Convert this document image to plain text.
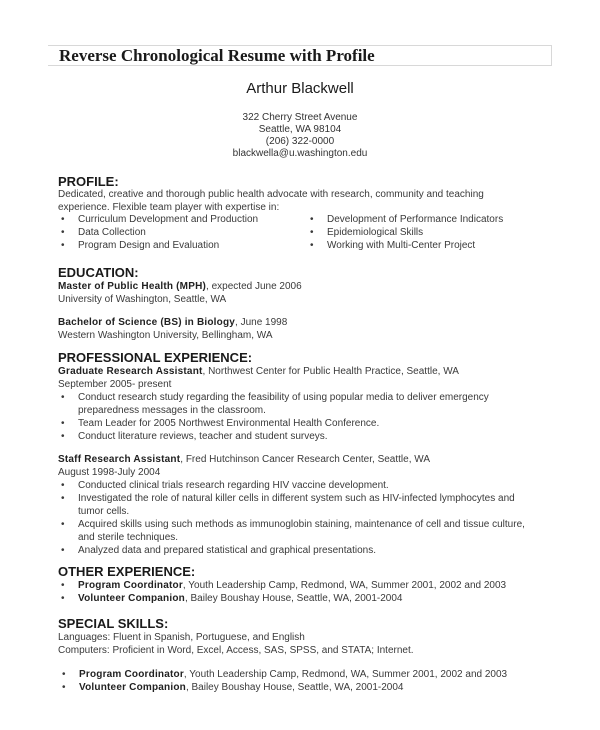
Reverse Chronological Resume with Profile
Arthur Blackwell
322 Cherry Street Avenue
Seattle, WA 98104
(206) 322-0000
blackwella@u.washington.edu
PROFILE:
Dedicated, creative and thorough public health advocate with research, community and teaching
experience. Flexible team player with expertise in:
•	Curriculum Development and Production
•	Data Collection
•	Program Design and Evaluation
•	Development of Performance Indicators
•	Epidemiological Skills
•	Working with Multi-Center Project
EDUCATION:
Master of Public Health (MPH), expected June 2006
University of Washington, Seattle, WA
Bachelor of Science (BS) in Biology, June 1998
Western Washington University, Bellingham, WA
PROFESSIONAL EXPERIENCE:
Graduate Research Assistant, Northwest Center for Public Health Practice, Seattle, WA
September 2005- present
•	Conduct research study regarding the feasibility of using popular media to deliver emergency
preparedness messages in the classroom.
•	Team Leader for 2005 Northwest Environmental Health Conference.
•	Conduct literature reviews, teacher and student surveys.
Staff Research Assistant, Fred Hutchinson Cancer Research Center, Seattle, WA
August 1998-July 2004
•	Conducted clinical trials research regarding HIV vaccine development.
•	Investigated the role of natural killer cells in different system such as HIV-infected lymphocytes and
tumor cells.
•	Acquired skills using such methods as immunoglobin staining, maintenance of cell and tissue culture,
and sterile techniques.
•	Analyzed data and prepared statistical and graphical presentations.
OTHER EXPERIENCE:
•	Program Coordinator, Youth Leadership Camp, Redmond, WA, Summer 2001, 2002 and 2003
•	Volunteer Companion, Bailey Boushay House, Seattle, WA, 2001-2004
SPECIAL SKILLS:
Languages: Fluent in Spanish, Portuguese, and English
Computers: Proficient in Word, Excel, Access, SAS, SPSS, and STATA; Internet.
•	Program Coordinator, Youth Leadership Camp, Redmond, WA, Summer 2001, 2002 and 2003
•	Volunteer Companion, Bailey Boushay House, Seattle, WA, 2001-2004
